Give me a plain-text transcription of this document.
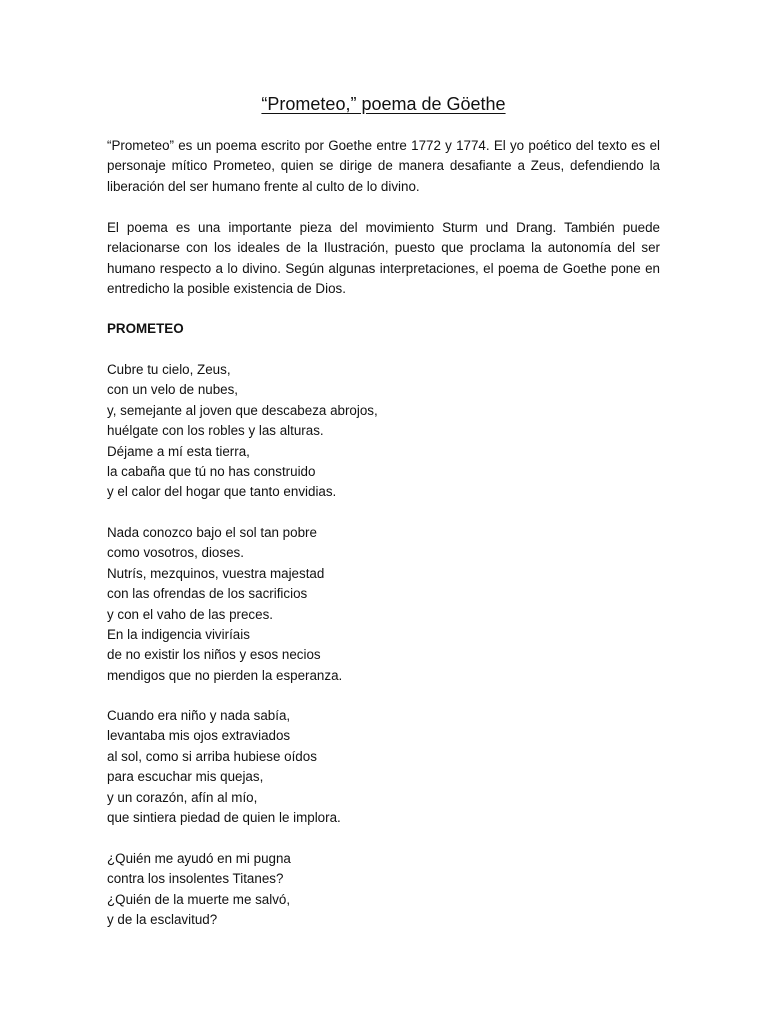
“Prometeo,” poema de Göethe

“Prometeo” es un poema escrito por Goethe entre 1772 y 1774. El yo poético del texto es el personaje mítico Prometeo, quien se dirige de manera desafiante a Zeus, defendiendo la liberación del ser humano frente al culto de lo divino.

El poema es una importante pieza del movimiento Sturm und Drang. También puede relacionarse con los ideales de la Ilustración, puesto que proclama la autonomía del ser humano respecto a lo divino. Según algunas interpretaciones, el poema de Goethe pone en entredicho la posible existencia de Dios.

PROMETEO

Cubre tu cielo, Zeus,
con un velo de nubes,
y, semejante al joven que descabeza abrojos,
huélgate con los robles y las alturas.
Déjame a mí esta tierra,
la cabaña que tú no has construido
y el calor del hogar que tanto envidias.
Nada conozco bajo el sol tan pobre
como vosotros, dioses.
Nutrís, mezquinos, vuestra majestad
con las ofrendas de los sacrificios
y con el vaho de las preces.
En la indigencia viviríais
de no existir los niños y esos necios
mendigos que no pierden la esperanza.
Cuando era niño y nada sabía,
levantaba mis ojos extraviados
al sol, como si arriba hubiese oídos
para escuchar mis quejas,
y un corazón, afín al mío,
que sintiera piedad de quien le implora.
¿Quién me ayudó en mi pugna
contra los insolentes Titanes?
¿Quién de la muerte me salvó,
y de la esclavitud?
